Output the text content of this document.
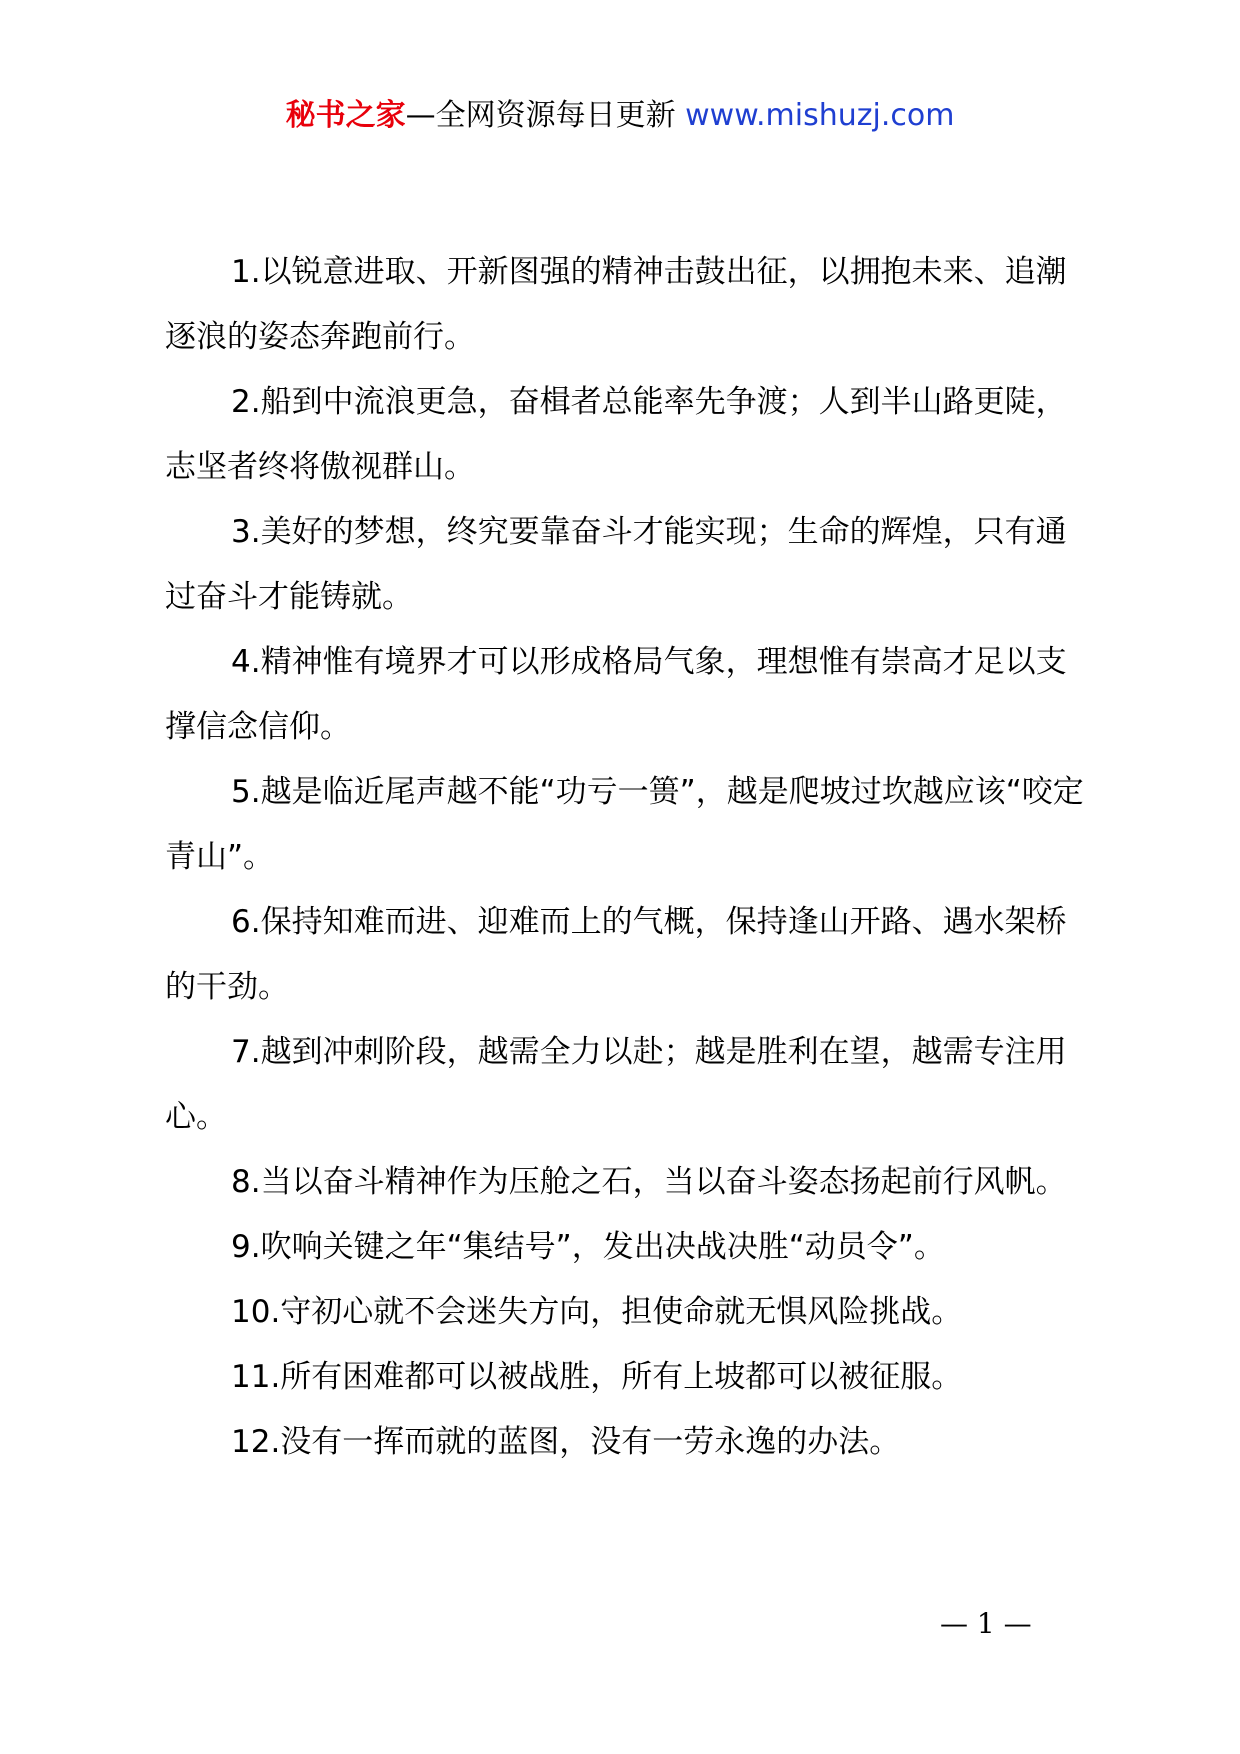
秘书之家—全网资源每日更新 www.mishuzj.com

1.以锐意进取、开新图强的精神击鼓出征，以拥抱未来、追潮逐浪的姿态奔跑前行。

2.船到中流浪更急，奋楫者总能率先争渡；人到半山路更陡，志坚者终将傲视群山。

3.美好的梦想，终究要靠奋斗才能实现；生命的辉煌，只有通过奋斗才能铸就。

4.精神惟有境界才可以形成格局气象，理想惟有崇高才足以支撑信念信仰。

5.越是临近尾声越不能“功亏一篑”，越是爬坡过坎越应该“咬定青山”。

6.保持知难而进、迎难而上的气概，保持逢山开路、遇水架桥的干劲。

7.越到冲刺阶段，越需全力以赴；越是胜利在望，越需专注用心。

8.当以奋斗精神作为压舱之石，当以奋斗姿态扬起前行风帆。

9.吹响关键之年“集结号”，发出决战决胜“动员令”。

10.守初心就不会迷失方向，担使命就无惧风险挑战。

11.所有困难都可以被战胜，所有上坡都可以被征服。

12.没有一挥而就的蓝图，没有一劳永逸的办法。

— 1 —
